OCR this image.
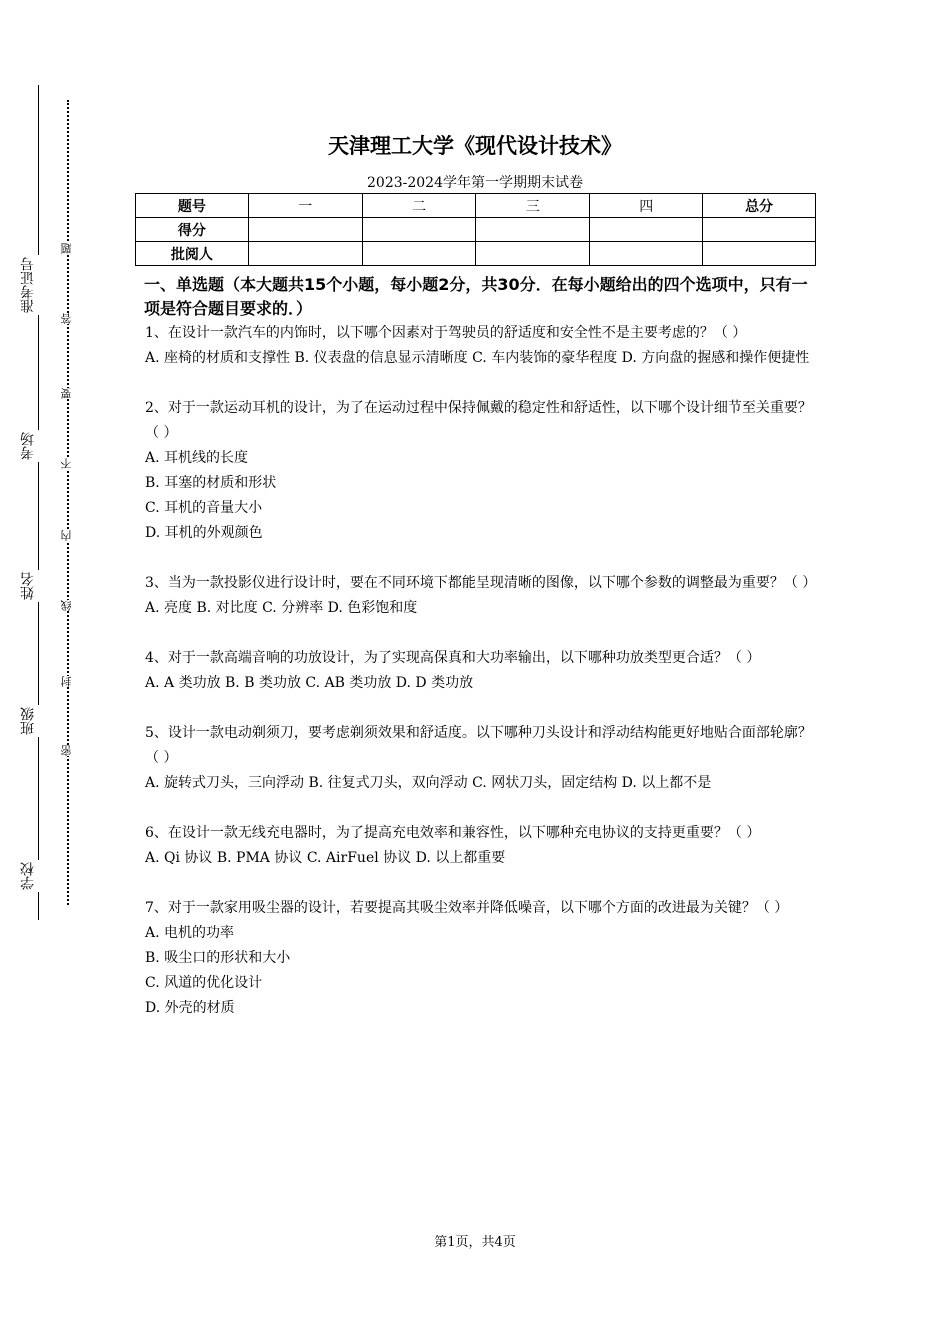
学校
班级
姓名
考场
准考证号
密
封
线
内
不
要
答
题
天津理工大学《现代设计技术》
2023-2024学年第一学期期末试卷
题号	一	二	三	四	总分
得分					
批阅人					
一、单选题（本大题共15个小题，每小题2分，共30分．在每小题给出的四个选项中，只有一项是符合题目要求的．）
1、在设计一款汽车的内饰时，以下哪个因素对于驾驶员的舒适度和安全性不是主要考虑的？（ ）
A. 座椅的材质和支撑性 B. 仪表盘的信息显示清晰度 C. 车内装饰的豪华程度 D. 方向盘的握感和操作便捷性
2、对于一款运动耳机的设计，为了在运动过程中保持佩戴的稳定性和舒适性，以下哪个设计细节至关重要？（ ）
A. 耳机线的长度
B. 耳塞的材质和形状
C. 耳机的音量大小
D. 耳机的外观颜色
3、当为一款投影仪进行设计时，要在不同环境下都能呈现清晰的图像，以下哪个参数的调整最为重要？（ ）
A. 亮度 B. 对比度 C. 分辨率 D. 色彩饱和度
4、对于一款高端音响的功放设计，为了实现高保真和大功率输出，以下哪种功放类型更合适？（ ）
A. A 类功放 B. B 类功放 C. AB 类功放 D. D 类功放
5、设计一款电动剃须刀，要考虑剃须效果和舒适度。以下哪种刀头设计和浮动结构能更好地贴合面部轮廓？（ ）
A. 旋转式刀头，三向浮动 B. 往复式刀头，双向浮动 C. 网状刀头，固定结构 D. 以上都不是
6、在设计一款无线充电器时，为了提高充电效率和兼容性，以下哪种充电协议的支持更重要？（ ）
A. Qi 协议 B. PMA 协议 C. AirFuel 协议 D. 以上都重要
7、对于一款家用吸尘器的设计，若要提高其吸尘效率并降低噪音，以下哪个方面的改进最为关键？（ ）
A. 电机的功率
B. 吸尘口的形状和大小
C. 风道的优化设计
D. 外壳的材质
第1页，共4页
